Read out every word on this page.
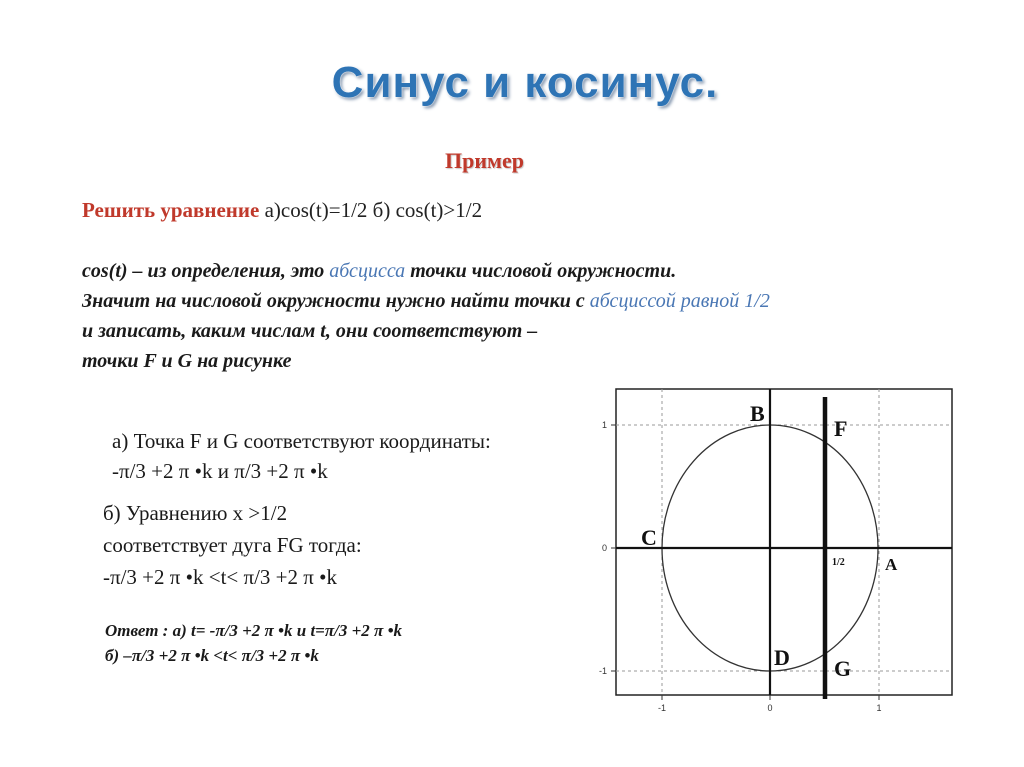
Синус и косинус.
Пример
Решить уравнение а)cos(t)=1/2 б) cos(t)>1/2
cos(t) – из определения, это абсцисса точки числовой окружности.
Значит на числовой окружности нужно найти точки с абсциссой равной 1/2
и записать, каким числам t, они соответствуют –
точки F и G на рисунке
а) Точка F и G соответствуют координаты:
-π/3 +2 π •k и π/3 +2 π •k
б) Уравнению x >1/2
соответствует дуга FG тогда:
-π/3 +2 π •k <t< π/3 +2 π •k
Ответ : а) t= -π/3 +2 π •k и t=π/3 +2 π •k
б) –π/3 +2 π •k <t< π/3 +2 π •k
-1	0	1
1
0
-1
B
F
C
A
D G
1/2
